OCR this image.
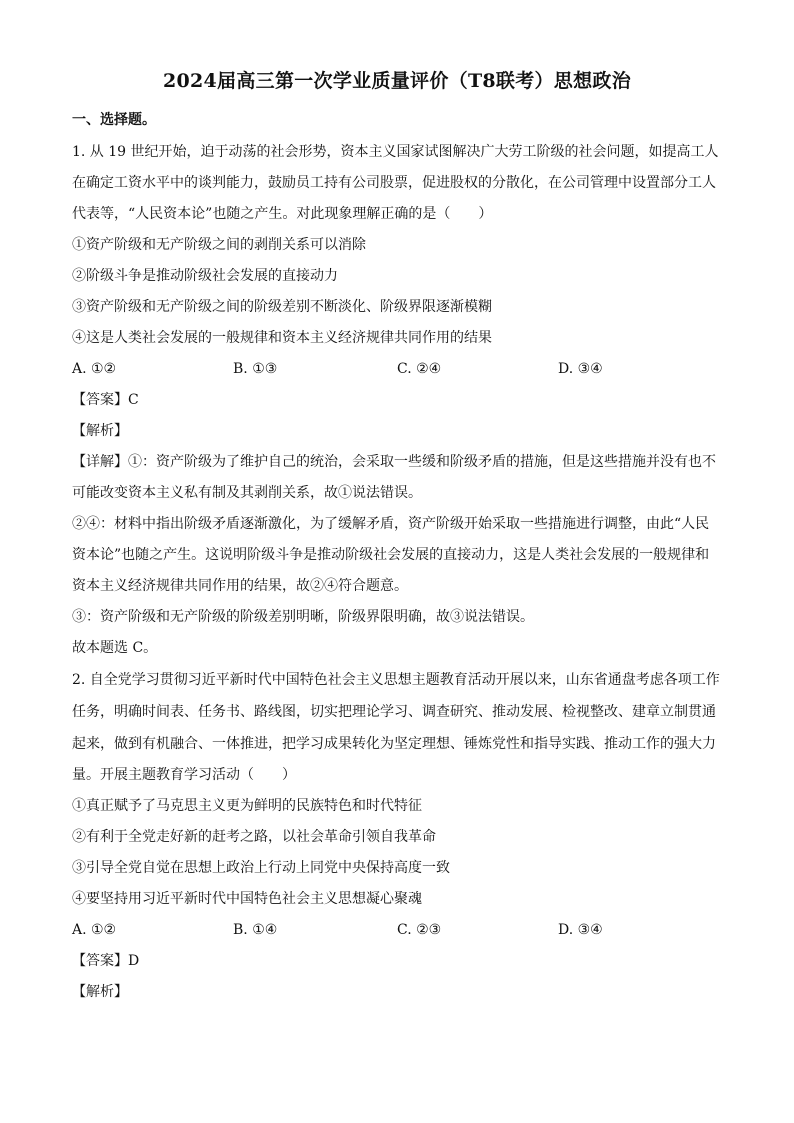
2024届高三第一次学业质量评价（T8联考）思想政治
一、选择题。
1. 从 19 世纪开始，迫于动荡的社会形势，资本主义国家试图解决广大劳工阶级的社会问题，如提高工人
在确定工资水平中的谈判能力，鼓励员工持有公司股票，促进股权的分散化，在公司管理中设置部分工人
代表等，“人民资本论”也随之产生。对此现象理解正确的是（　　）
①资产阶级和无产阶级之间的剥削关系可以消除
②阶级斗争是推动阶级社会发展的直接动力
③资产阶级和无产阶级之间的阶级差别不断淡化、阶级界限逐渐模糊
④这是人类社会发展的一般规律和资本主义经济规律共同作用的结果
A. ①②	B. ①③	C. ②④	D. ③④
【答案】C
【解析】
【详解】①：资产阶级为了维护自己的统治，会采取一些缓和阶级矛盾的措施，但是这些措施并没有也不
可能改变资本主义私有制及其剥削关系，故①说法错误。
②④：材料中指出阶级矛盾逐渐激化，为了缓解矛盾，资产阶级开始采取一些措施进行调整，由此“人民
资本论”也随之产生。这说明阶级斗争是推动阶级社会发展的直接动力，这是人类社会发展的一般规律和
资本主义经济规律共同作用的结果，故②④符合题意。
③：资产阶级和无产阶级的阶级差别明晰，阶级界限明确，故③说法错误。
故本题选 C。
2. 自全党学习贯彻习近平新时代中国特色社会主义思想主题教育活动开展以来，山东省通盘考虑各项工作
任务，明确时间表、任务书、路线图，切实把理论学习、调查研究、推动发展、检视整改、建章立制贯通
起来，做到有机融合、一体推进，把学习成果转化为坚定理想、锤炼党性和指导实践、推动工作的强大力
量。开展主题教育学习活动（　　）
①真正赋予了马克思主义更为鲜明的民族特色和时代特征
②有利于全党走好新的赶考之路，以社会革命引领自我革命
③引导全党自觉在思想上政治上行动上同党中央保持高度一致
④要坚持用习近平新时代中国特色社会主义思想凝心聚魂
A. ①②	B. ①④	C. ②③	D. ③④
【答案】D
【解析】
